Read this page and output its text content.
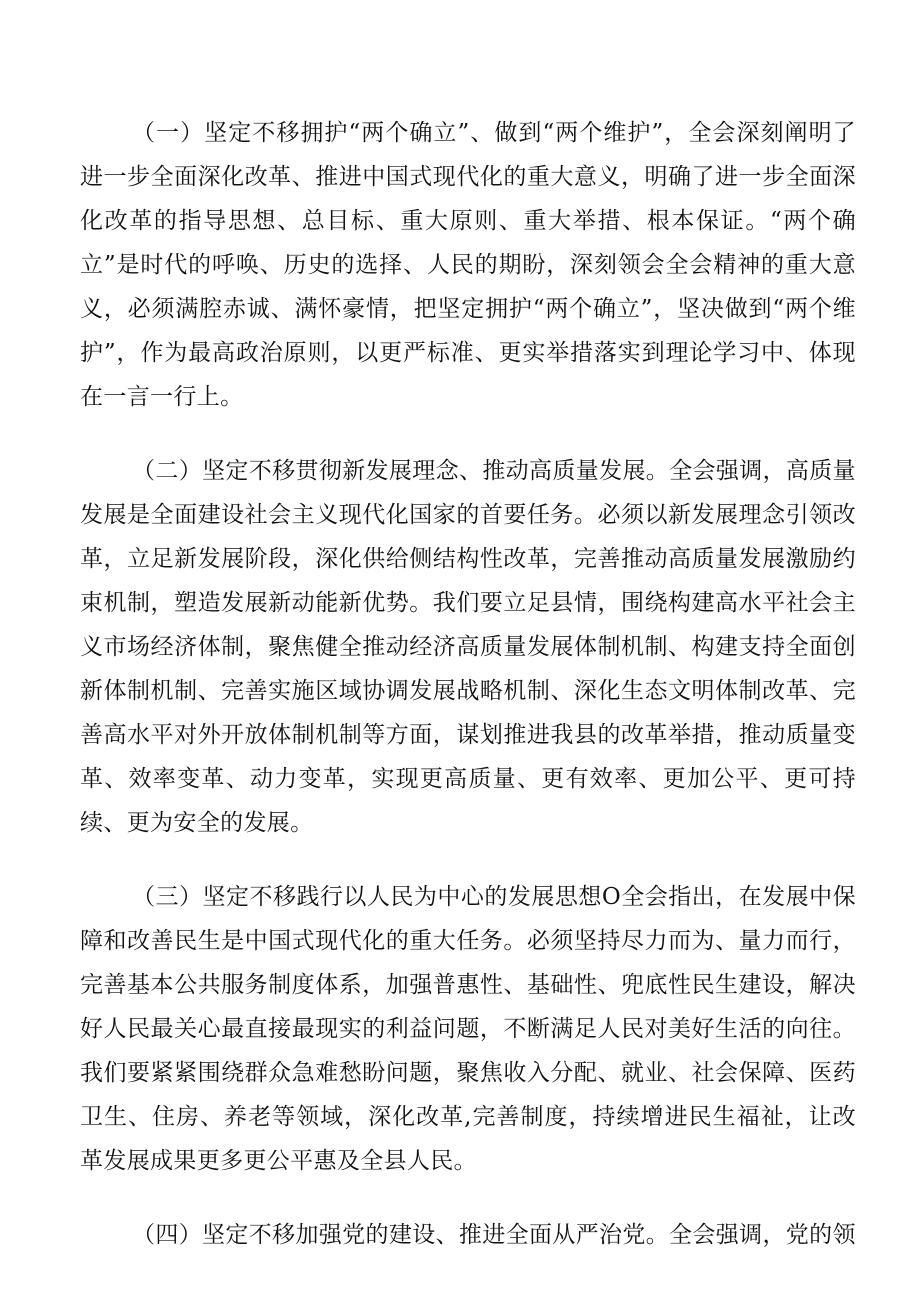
（一）坚定不移拥护“两个确立”、做到“两个维护”，全会深刻阐明了进一步全面深化改革、推进中国式现代化的重大意义，明确了进一步全面深化改革的指导思想、总目标、重大原则、重大举措、根本保证。“两个确立”是时代的呼唤、历史的选择、人民的期盼，深刻领会全会精神的重大意义，必须满腔赤诚、满怀豪情，把坚定拥护“两个确立”，坚决做到“两个维护”，作为最高政治原则，以更严标准、更实举措落实到理论学习中、体现在一言一行上。

（二）坚定不移贯彻新发展理念、推动高质量发展。全会强调，高质量发展是全面建设社会主义现代化国家的首要任务。必须以新发展理念引领改革，立足新发展阶段，深化供给侧结构性改革，完善推动高质量发展激励约束机制，塑造发展新动能新优势。我们要立足县情，围绕构建高水平社会主义市场经济体制，聚焦健全推动经济高质量发展体制机制、构建支持全面创新体制机制、完善实施区域协调发展战略机制、深化生态文明体制改革、完善高水平对外开放体制机制等方面，谋划推进我县的改革举措，推动质量变革、效率变革、动力变革，实现更高质量、更有效率、更加公平、更可持续、更为安全的发展。

（三）坚定不移践行以人民为中心的发展思想O全会指出，在发展中保障和改善民生是中国式现代化的重大任务。必须坚持尽力而为、量力而行，完善基本公共服务制度体系，加强普惠性、基础性、兜底性民生建设，解决好人民最关心最直接最现实的利益问题，不断满足人民对美好生活的向往。我们要紧紧围绕群众急难愁盼问题，聚焦收入分配、就业、社会保障、医药卫生、住房、养老等领域，深化改革,完善制度，持续增进民生福祉，让改革发展成果更多更公平惠及全县人民。

（四）坚定不移加强党的建设、推进全面从严治党。全会强调，党的领
